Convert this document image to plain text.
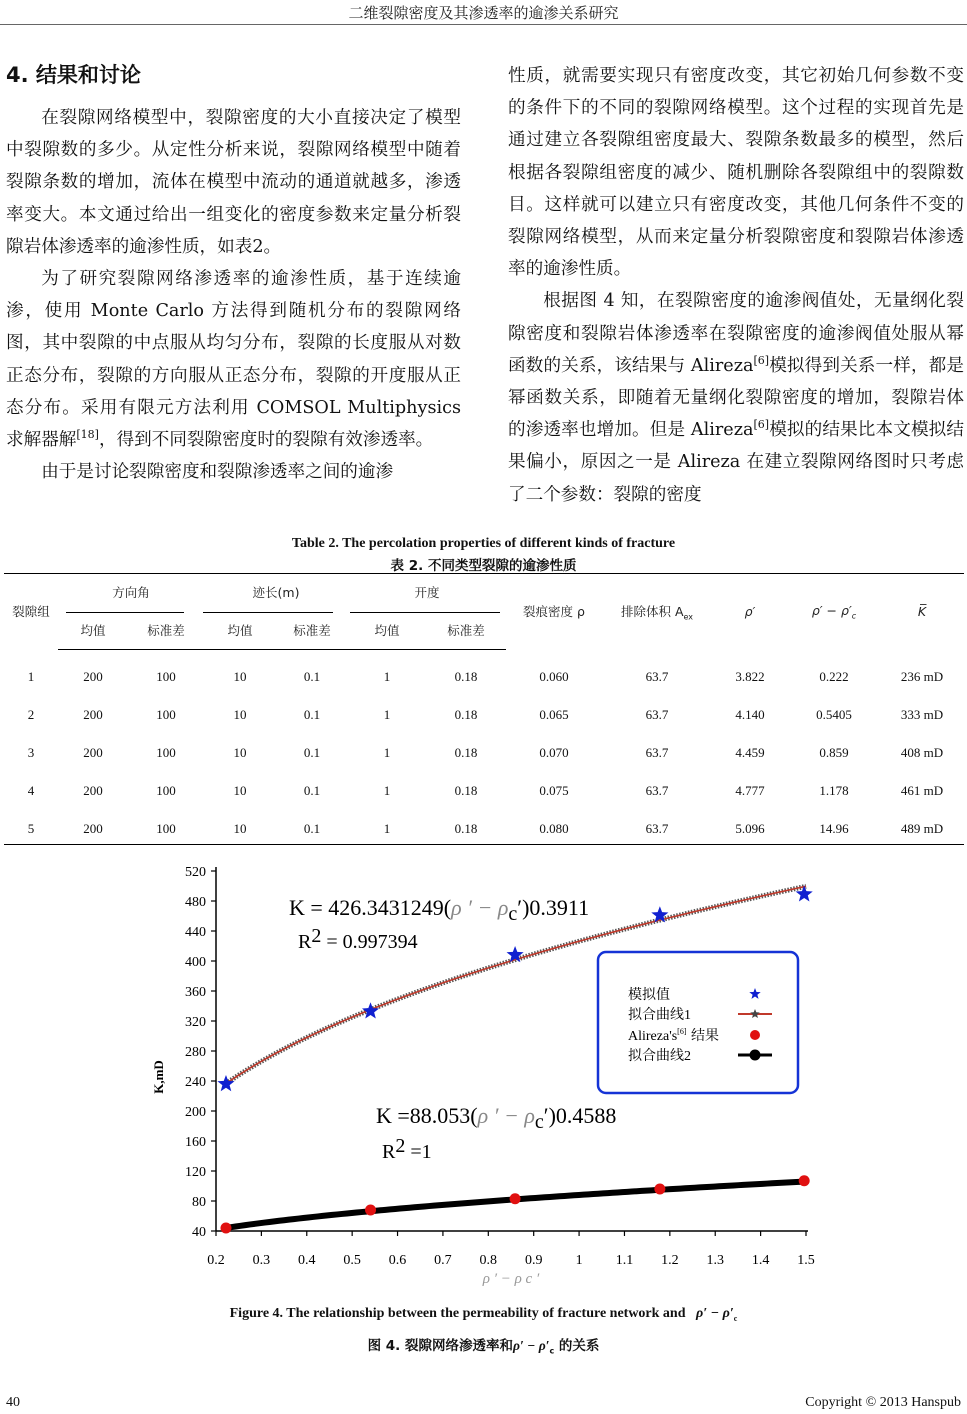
二维裂隙密度及其渗透率的逾渗关系研究
4. 结果和讨论

在裂隙网络模型中，裂隙密度的大小直接决定了模型中裂隙数的多少。从定性分析来说，裂隙网络模型中随着裂隙条数的增加，流体在模型中流动的通道就越多，渗透率变大。本文通过给出一组变化的密度参数来定量分析裂隙岩体渗透率的逾渗性质，如表2。

为了研究裂隙网络渗透率的逾渗性质，基于连续逾渗，使用 Monte Carlo 方法得到随机分布的裂隙网络图，其中裂隙的中点服从均匀分布，裂隙的长度服从对数正态分布，裂隙的方向服从正态分布，裂隙的开度服从正态分布。采用有限元方法利用 COMSOL Multiphysics 求解器解[18]，得到不同裂隙密度时的裂隙有效渗透率。

由于是讨论裂隙密度和裂隙渗透率之间的逾渗

性质，就需要实现只有密度改变，其它初始几何参数不变的条件下的不同的裂隙网络模型。这个过程的实现首先是通过建立各裂隙组密度最大、裂隙条数最多的模型，然后根据各裂隙组密度的减少、随机删除各裂隙组中的裂隙数目。这样就可以建立只有密度改变，其他几何条件不变的裂隙网络模型，从而来定量分析裂隙密度和裂隙岩体渗透率的逾渗性质。

根据图 4 知，在裂隙密度的逾渗阀值处，无量纲化裂隙密度和裂隙岩体渗透率在裂隙密度的逾渗阀值处服从幂函数的关系，该结果与 Alireza[6]模拟得到关系一样，都是幂函数关系，即随着无量纲化裂隙密度的增加，裂隙岩体的渗透率也增加。但是 Alireza[6]模拟的结果比本文模拟结果偏小，原因之一是 Alireza 在建立裂隙网络图时只考虑了二个参数：裂隙的密度

Table 2. The percolation properties of different kinds of fracture
表 2. 不同类型裂隙的逾渗性质
裂隙组	方向角		迹长(m)		开度		裂痕密度 ρ	排除体积 $A_{ex}$	ρ′	$\rho' - \rho'_c$	K̅
	均值	标准差	均值	标准差	均值	标准差					
1	200	100	10	0.1	1	0.18	0.060	63.7	3.822	0.222	236 mD
2	200	100	10	0.1	1	0.18	0.065	63.7	4.140	0.5405	333 mD
3	200	100	10	0.1	1	0.18	0.070	63.7	4.459	0.859	408 mD
4	200	100	10	0.1	1	0.18	0.075	63.7	4.777	1.178	461 mD
5	200	100	10	0.1	1	0.18	0.080	63.7	5.096	14.96	489 mD
40
80
120
160
200
240
280
320
360
400
440
480
520
0.2 0.3 0.4 0.5 0.6 0.7 0.8 0.9 1 1.1 1.2 1.3 1.4 1.5
K,mD
ρ ′ − ρ c ′
K = 426.3431249(ρ ′ − ρc′)0.3911
R2 = 0.997394
K =88.053(ρ ′ − ρc′)0.4588
R2 =1
模拟值
拟合曲线1
Alireza's[6] 结果
拟合曲线2
Figure 4. The relationship between the permeability of fracture network and $\rho' - \rho'_c$
图 4. 裂隙网络渗透率和$\rho' - \rho'_c$ 的关系
40	Copyright © 2013 Hanspub
